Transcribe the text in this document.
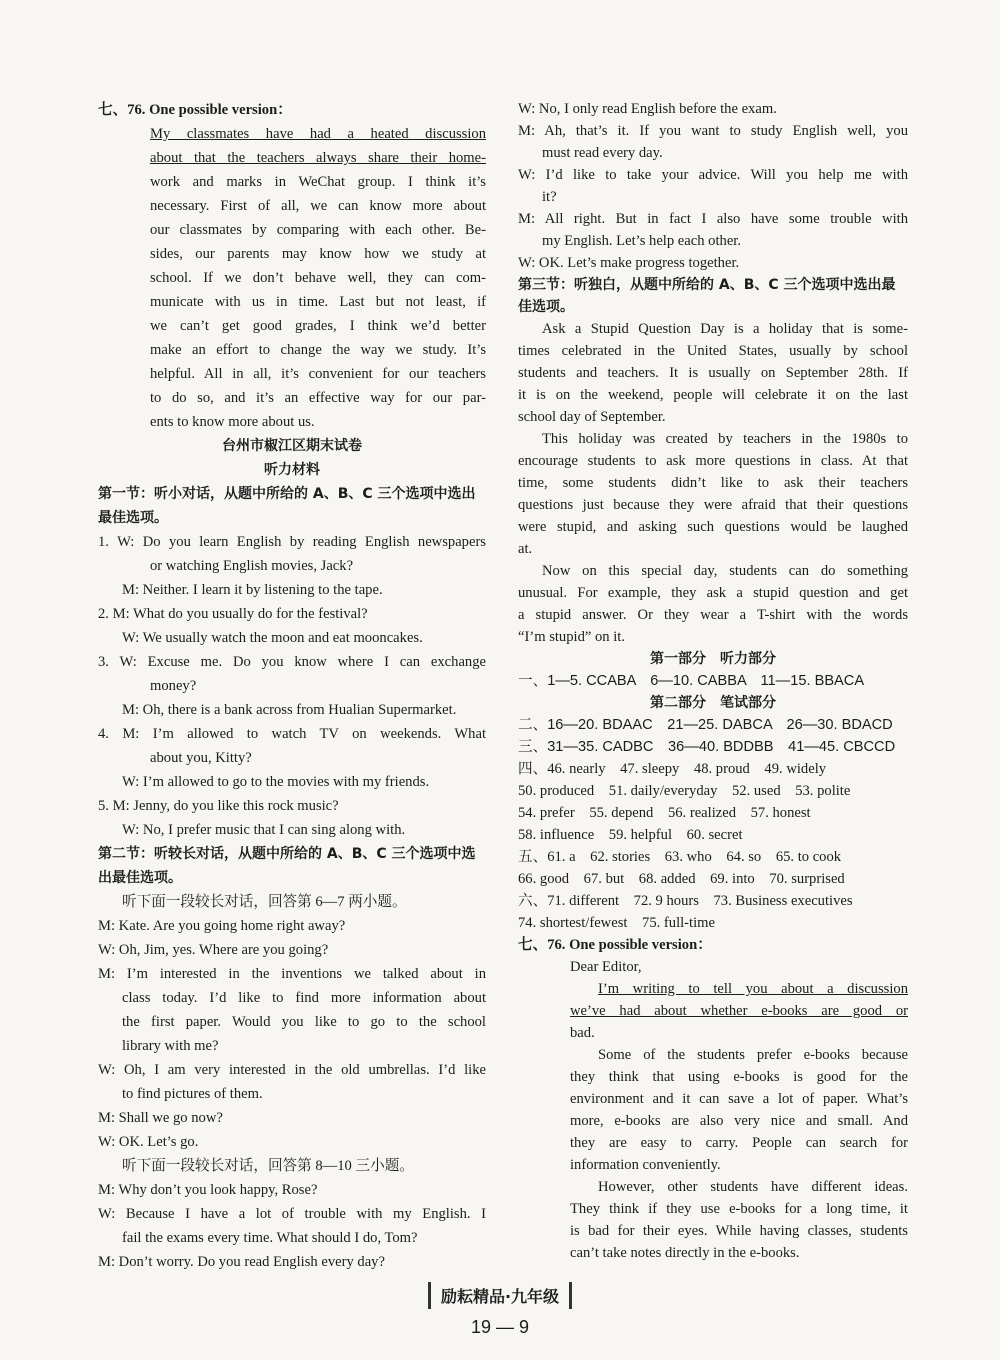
七、76. One possible version：
My classmates have had a heated discussion
about that the teachers always share their home-
work and marks in WeChat group. I think it’s
necessary. First of all, we can know more about
our classmates by comparing with each other. Be-
sides, our parents may know how we study at
school. If we don’t behave well, they can com-
municate with us in time. Last but not least, if
we can’t get good grades, I think we’d better
make an effort to change the way we study. It’s
helpful. All in all, it’s convenient for our teachers
to do so, and it’s an effective way for our par-
ents to know more about us.
台州市椒江区期末试卷
听力材料
第一节：听小对话，从题中所给的 A、B、C 三个选项中选出
最佳选项。
1. W: Do you learn English by reading English newspapers
or watching English movies, Jack?
M: Neither. I learn it by listening to the tape.
2. M: What do you usually do for the festival?
W: We usually watch the moon and eat mooncakes.
3. W: Excuse me. Do you know where I can exchange
money?
M: Oh, there is a bank across from Hualian Supermarket.
4. M: I’m allowed to watch TV on weekends. What
about you, Kitty?
W: I’m allowed to go to the movies with my friends.
5. M: Jenny, do you like this rock music?
W: No, I prefer music that I can sing along with.
第二节：听较长对话，从题中所给的 A、B、C 三个选项中选
出最佳选项。
听下面一段较长对话，回答第 6—7 两小题。
M: Kate. Are you going home right away?
W: Oh, Jim, yes. Where are you going?
M: I’m interested in the inventions we talked about in
class today. I’d like to find more information about
the first paper. Would you like to go to the school
library with me?
W: Oh, I am very interested in the old umbrellas. I’d like
to find pictures of them.
M: Shall we go now?
W: OK. Let’s go.
听下面一段较长对话，回答第 8—10 三小题。
M: Why don’t you look happy, Rose?
W: Because I have a lot of trouble with my English. I
fail the exams every time. What should I do, Tom?
M: Don’t worry. Do you read English every day?
W: No, I only read English before the exam.
M: Ah, that’s it. If you want to study English well, you
must read every day.
W: I’d like to take your advice. Will you help me with
it?
M: All right. But in fact I also have some trouble with
my English. Let’s help each other.
W: OK. Let’s make progress together.
第三节：听独白，从题中所给的 A、B、C 三个选项中选出最
佳选项。
Ask a Stupid Question Day is a holiday that is some-
times celebrated in the United States, usually by school
students and teachers. It is usually on September 28th. If
it is on the weekend, people will celebrate it on the last
school day of September.
This holiday was created by teachers in the 1980s to
encourage students to ask more questions in class. At that
time, some students didn’t like to ask their teachers
questions just because they were afraid that their questions
were stupid, and asking such questions would be laughed
at.
Now on this special day, students can do something
unusual. For example, they ask a stupid question and get
a stupid answer. Or they wear a T-shirt with the words
“I’m stupid” on it.
第一部分　听力部分
一、1—5. CCABA　6—10. CABBA　11—15. BBACA
第二部分　笔试部分
二、16—20. BDAAC　21—25. DABCA　26—30. BDACD
三、31—35. CADBC　36—40. BDDBB　41—45. CBCCD
四、46. nearly　47. sleepy　48. proud　49. widely
50. produced　51. daily/everyday　52. used　53. polite
54. prefer　55. depend　56. realized　57. honest
58. influence　59. helpful　60. secret
五、61. a　62. stories　63. who　64. so　65. to cook
66. good　67. but　68. added　69. into　70. surprised
六、71. different　72. 9 hours　73. Business executives
74. shortest/fewest　75. full-time
七、76. One possible version：
Dear Editor,
I’m writing to tell you about a discussion
we’ve had about whether e-books are good or
bad.
Some of the students prefer e-books because
they think that using e-books is good for the
environment and it can save a lot of paper. What’s
more, e-books are also very nice and small. And
they are easy to carry. People can search for
information conveniently.
However, other students have different ideas.
They think if they use e-books for a long time, it
is bad for their eyes. While having classes, students
can’t take notes directly in the e-books.
励耘精品·九年级
19 — 9
